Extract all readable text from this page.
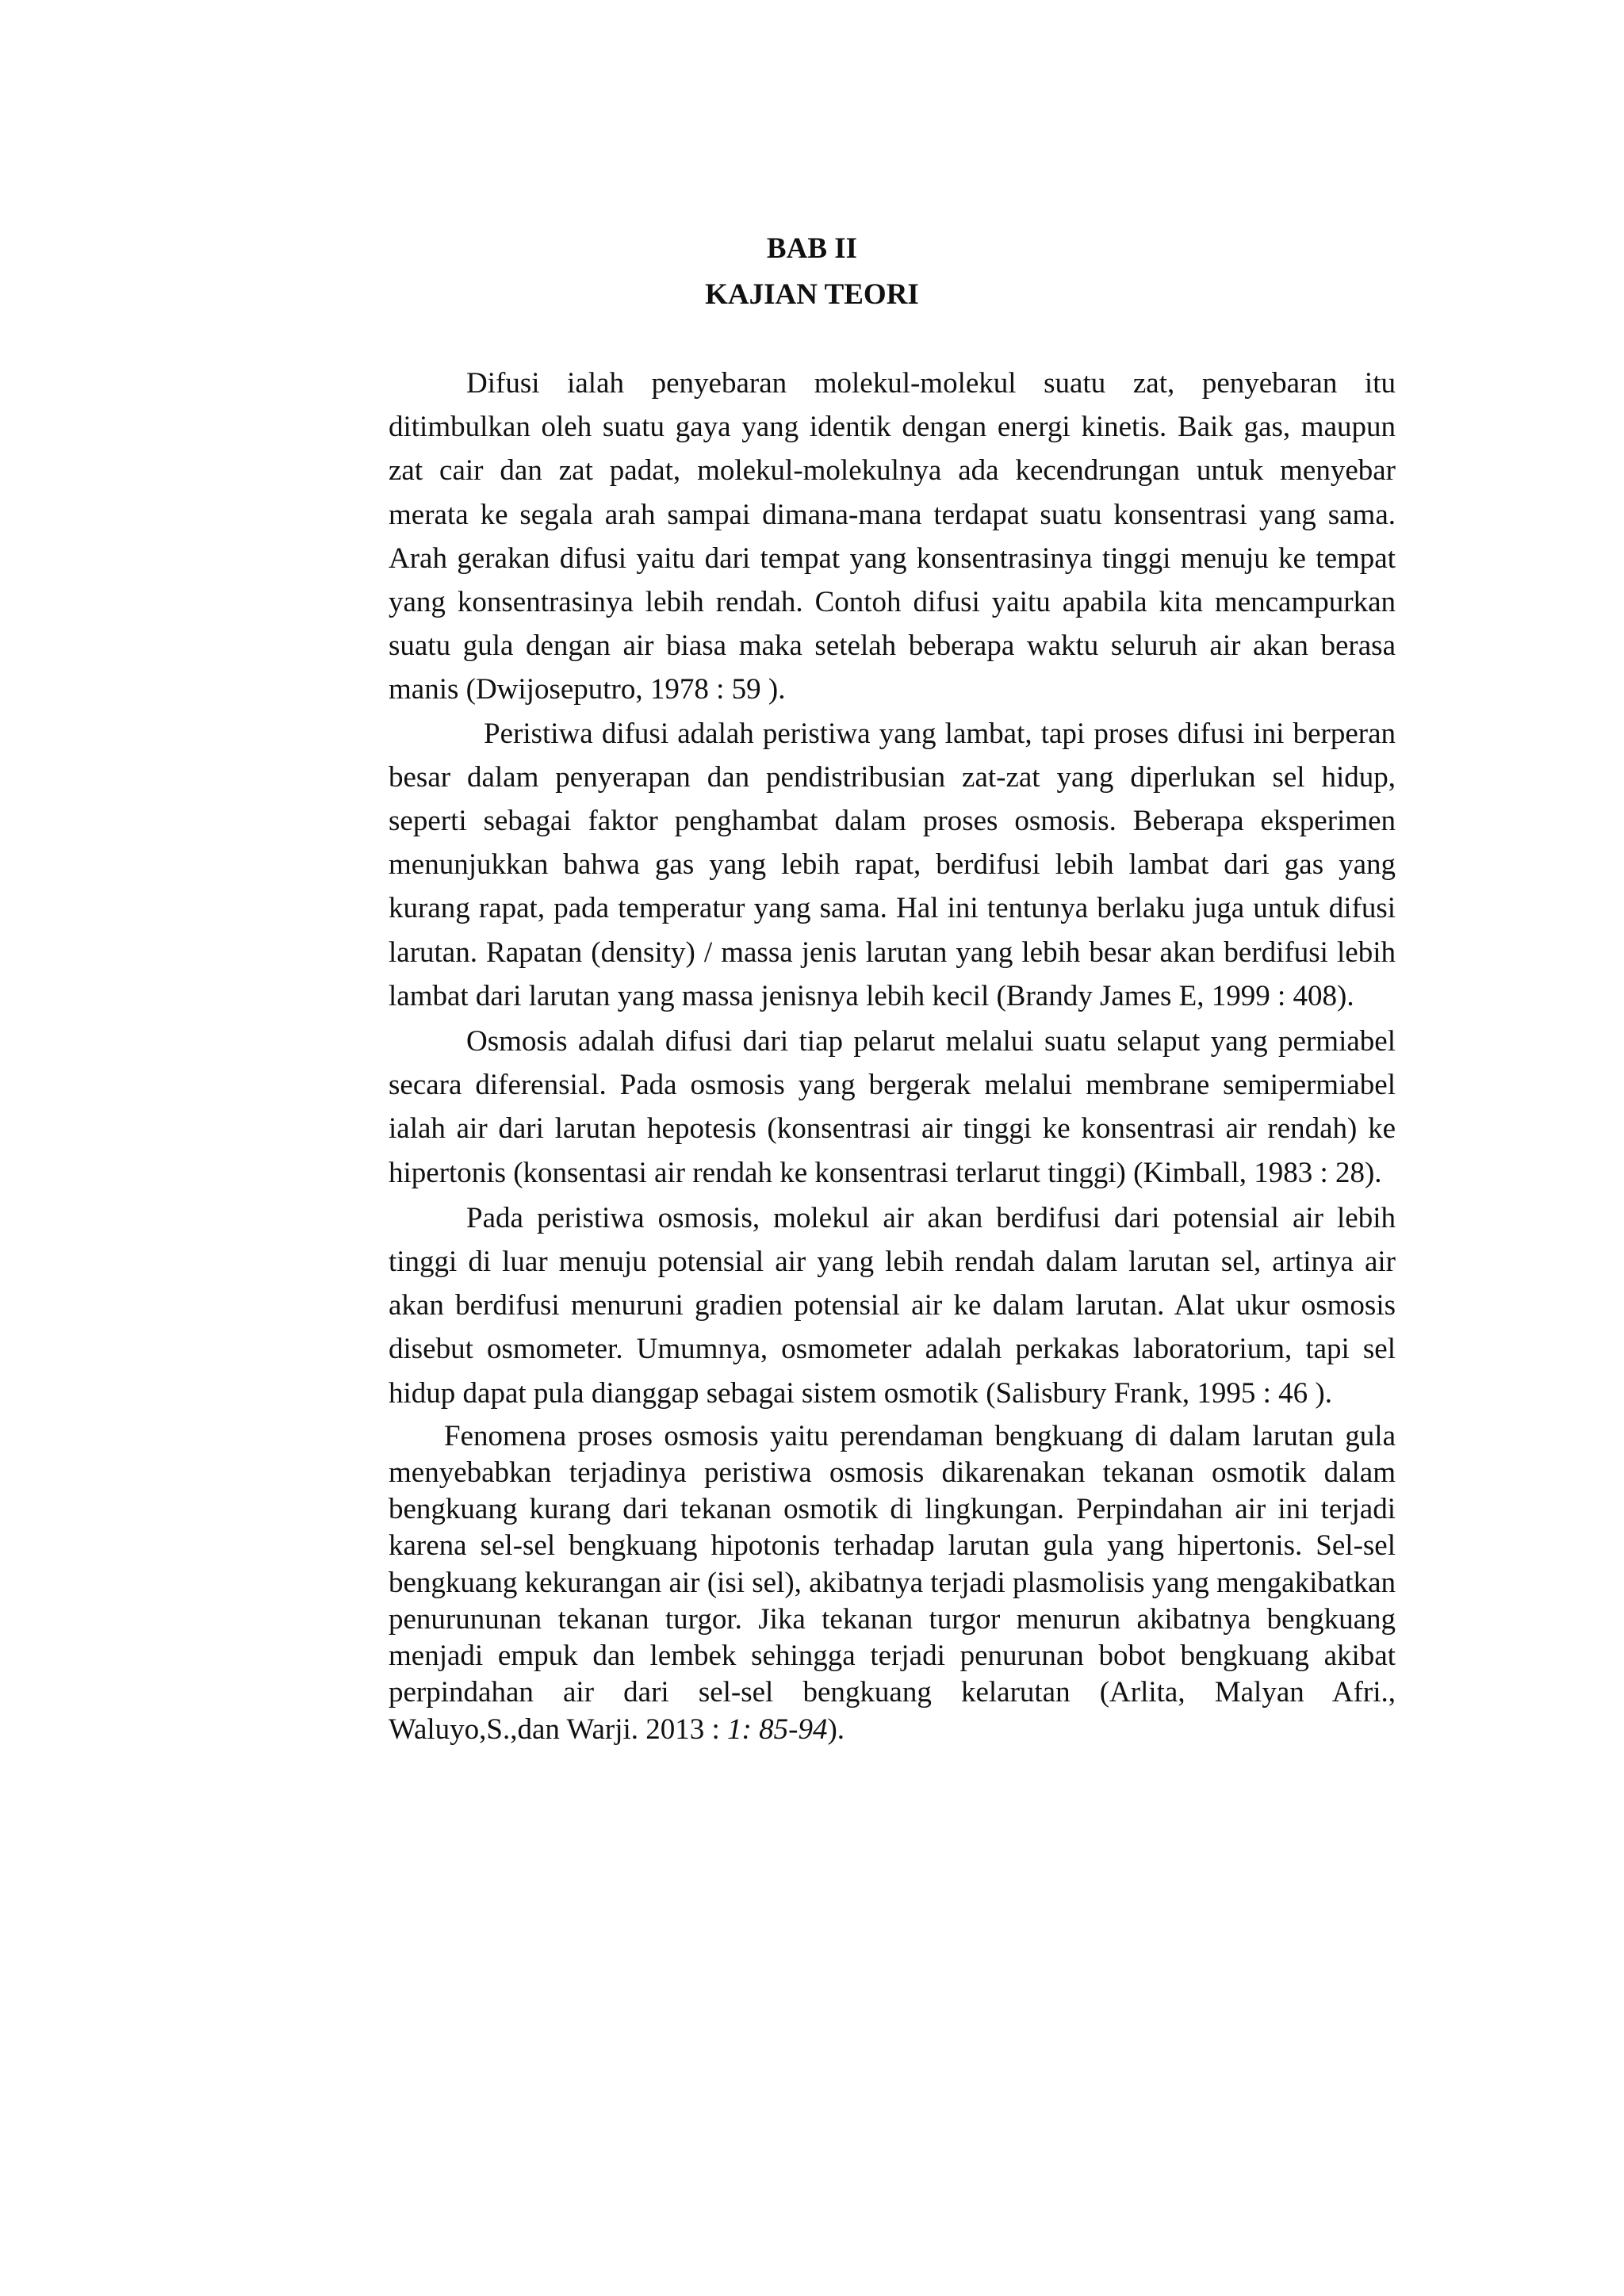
BAB II
KAJIAN TEORI

Difusi ialah penyebaran molekul-molekul suatu zat, penyebaran itu ditimbulkan oleh suatu gaya yang identik dengan energi kinetis. Baik gas, maupun zat cair dan zat padat, molekul-molekulnya ada kecendrungan untuk menyebar merata ke segala arah sampai dimana-mana terdapat suatu konsentrasi yang sama. Arah gerakan difusi yaitu dari tempat yang konsentrasinya tinggi menuju ke tempat yang konsentrasinya lebih rendah. Contoh difusi yaitu apabila kita mencampurkan suatu gula dengan air biasa maka setelah beberapa waktu seluruh air akan berasa manis (Dwijoseputro, 1978 : 59 ).

Peristiwa difusi adalah peristiwa yang lambat, tapi proses difusi ini berperan besar dalam penyerapan dan pendistribusian zat-zat yang diperlukan sel hidup, seperti sebagai faktor penghambat dalam proses osmosis. Beberapa eksperimen menunjukkan bahwa gas yang lebih rapat, berdifusi lebih lambat dari gas yang kurang rapat, pada temperatur yang sama. Hal ini tentunya berlaku juga untuk difusi larutan. Rapatan (density) / massa jenis larutan yang lebih besar akan berdifusi lebih lambat dari larutan yang massa jenisnya lebih kecil (Brandy James E, 1999 : 408).

Osmosis adalah difusi dari tiap pelarut melalui suatu selaput yang permiabel secara diferensial. Pada osmosis yang bergerak melalui membrane semipermiabel ialah air dari larutan hepotesis (konsentrasi air tinggi ke konsentrasi air rendah) ke hipertonis (konsentasi air rendah ke konsentrasi terlarut tinggi) (Kimball, 1983 : 28).

Pada peristiwa osmosis, molekul air akan berdifusi dari potensial air lebih tinggi di luar menuju potensial air yang lebih rendah dalam larutan sel, artinya air akan berdifusi menuruni gradien potensial air ke dalam larutan. Alat ukur osmosis disebut osmometer. Umumnya, osmometer adalah perkakas laboratorium, tapi sel hidup dapat pula dianggap sebagai sistem osmotik (Salisbury Frank, 1995 : 46 ).

Fenomena proses osmosis yaitu perendaman bengkuang di dalam larutan gula menyebabkan terjadinya peristiwa osmosis dikarenakan tekanan osmotik dalam bengkuang kurang dari tekanan osmotik di lingkungan. Perpindahan air ini terjadi karena sel-sel bengkuang hipotonis terhadap larutan gula yang hipertonis. Sel-sel bengkuang kekurangan air (isi sel), akibatnya terjadi plasmolisis yang mengakibatkan penurununan tekanan turgor. Jika tekanan turgor menurun akibatnya bengkuang menjadi empuk dan lembek sehingga terjadi penurunan bobot bengkuang akibat perpindahan air dari sel-sel bengkuang kelarutan (Arlita, Malyan Afri., Waluyo,S.,dan Warji. 2013 : 1: 85-94).
